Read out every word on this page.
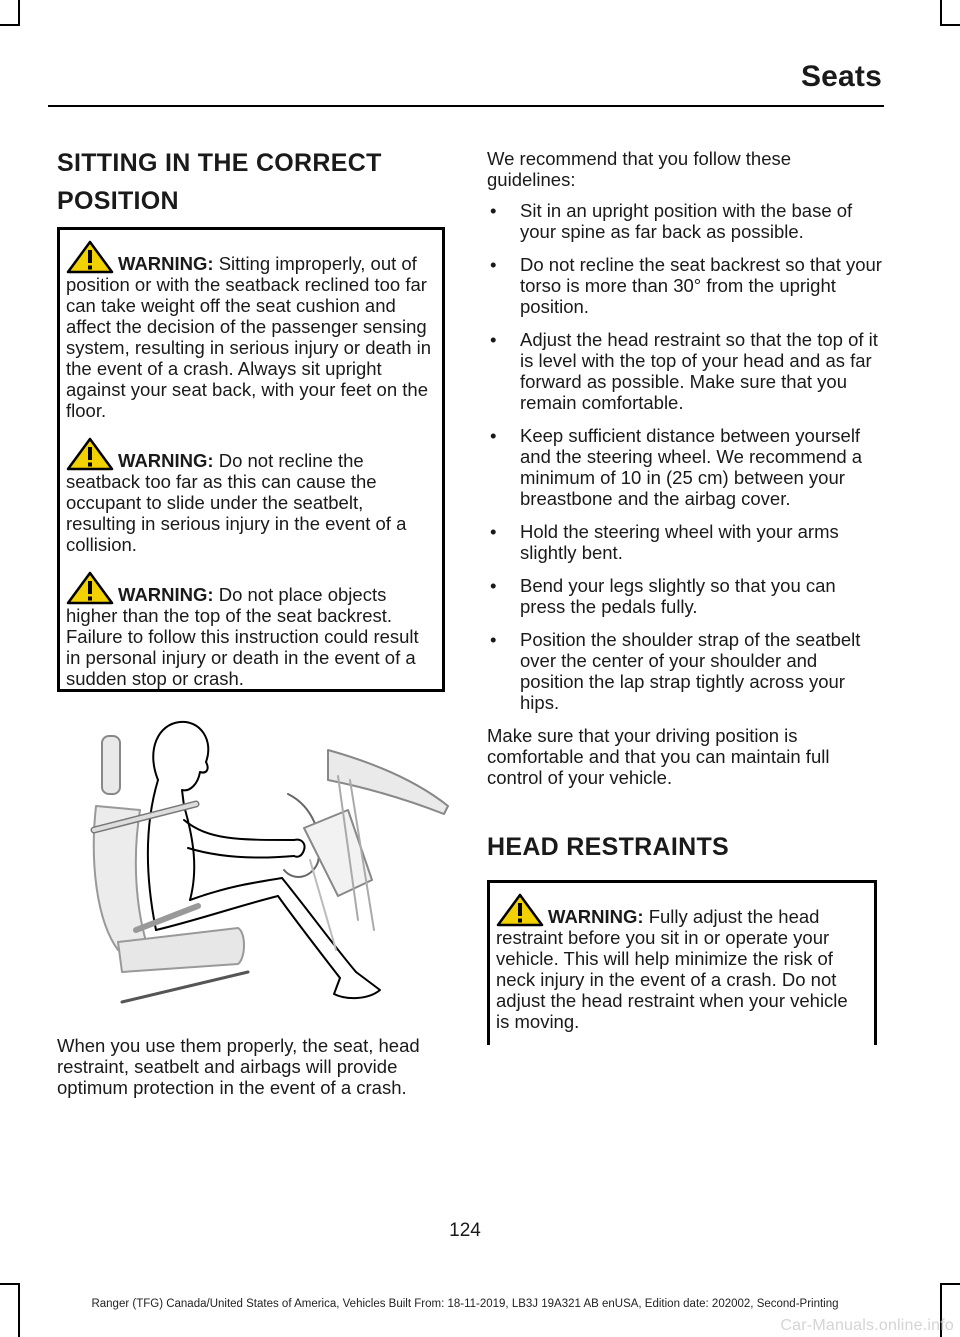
Seats
SITTING IN THE CORRECT
POSITION

WARNING: Sitting improperly, out of position or with the seatback reclined too far can take weight off the seat cushion and affect the decision of the passenger sensing system, resulting in serious injury or death in the event of a crash. Always sit upright against your seat back, with your feet on the floor.

WARNING: Do not recline the seatback too far as this can cause the occupant to slide under the seatbelt, resulting in serious injury in the event of a collision.

WARNING: Do not place objects higher than the top of the seat backrest. Failure to follow this instruction could result in personal injury or death in the event of a sudden stop or crash.

When you use them properly, the seat, head restraint, seatbelt and airbags will provide optimum protection in the event of a crash.

We recommend that you follow these guidelines:

• Sit in an upright position with the base of your spine as far back as possible.
• Do not recline the seat backrest so that your torso is more than 30° from the upright position.
• Adjust the head restraint so that the top of it is level with the top of your head and as far forward as possible. Make sure that you remain comfortable.
• Keep sufficient distance between yourself and the steering wheel. We recommend a minimum of 10 in (25 cm) between your breastbone and the airbag cover.
• Hold the steering wheel with your arms slightly bent.
• Bend your legs slightly so that you can press the pedals fully.
• Position the shoulder strap of the seatbelt over the center of your shoulder and position the lap strap tightly across your hips.

Make sure that your driving position is comfortable and that you can maintain full control of your vehicle.

HEAD RESTRAINTS

WARNING: Fully adjust the head restraint before you sit in or operate your vehicle. This will help minimize the risk of neck injury in the event of a crash. Do not adjust the head restraint when your vehicle is moving.

124
Ranger (TFG) Canada/United States of America, Vehicles Built From: 18-11-2019, LB3J 19A321 AB enUSA, Edition date: 202002, Second-Printing
Car-Manuals.online.info
